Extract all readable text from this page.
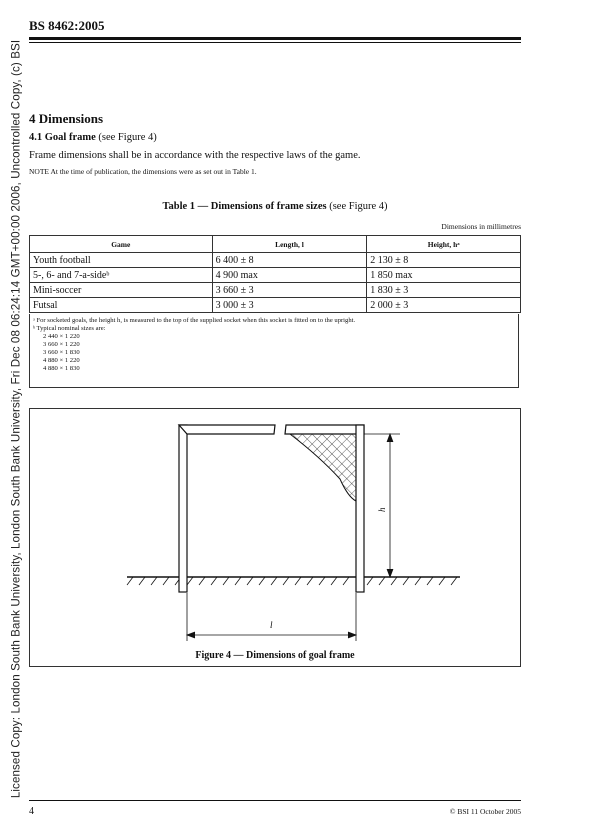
Licensed Copy: London South Bank University, London South Bank University, Fri Dec 08 06:24:14 GMT+00:00 2006, Uncontrolled Copy, (c) BSI
BS 8462:2005
4 Dimensions
4.1 Goal frame (see Figure 4)
Frame dimensions shall be in accordance with the respective laws of the game.
NOTE At the time of publication, the dimensions were as set out in Table 1.
Table 1 — Dimensions of frame sizes (see Figure 4)
Dimensions in millimetres
Game	Length, l	Height, hᵃ
Youth football	6 400 ± 8	2 130 ± 8
5-, 6- and 7-a-sideᵇ	4 900 max	1 850 max
Mini-soccer	3 660 ± 3	1 830 ± 3
Futsal	3 000 ± 3	2 000 ± 3
ᵃ For socketed goals, the height h, is measured to the top of the supplied socket when this socket is fitted on to the upright.
ᵇ Typical nominal sizes are:
2 440 × 1 220
3 660 × 1 220
3 660 × 1 830
4 880 × 1 220
4 880 × 1 830
h
l
Figure 4 — Dimensions of goal frame
4	© BSI 11 October 2005
